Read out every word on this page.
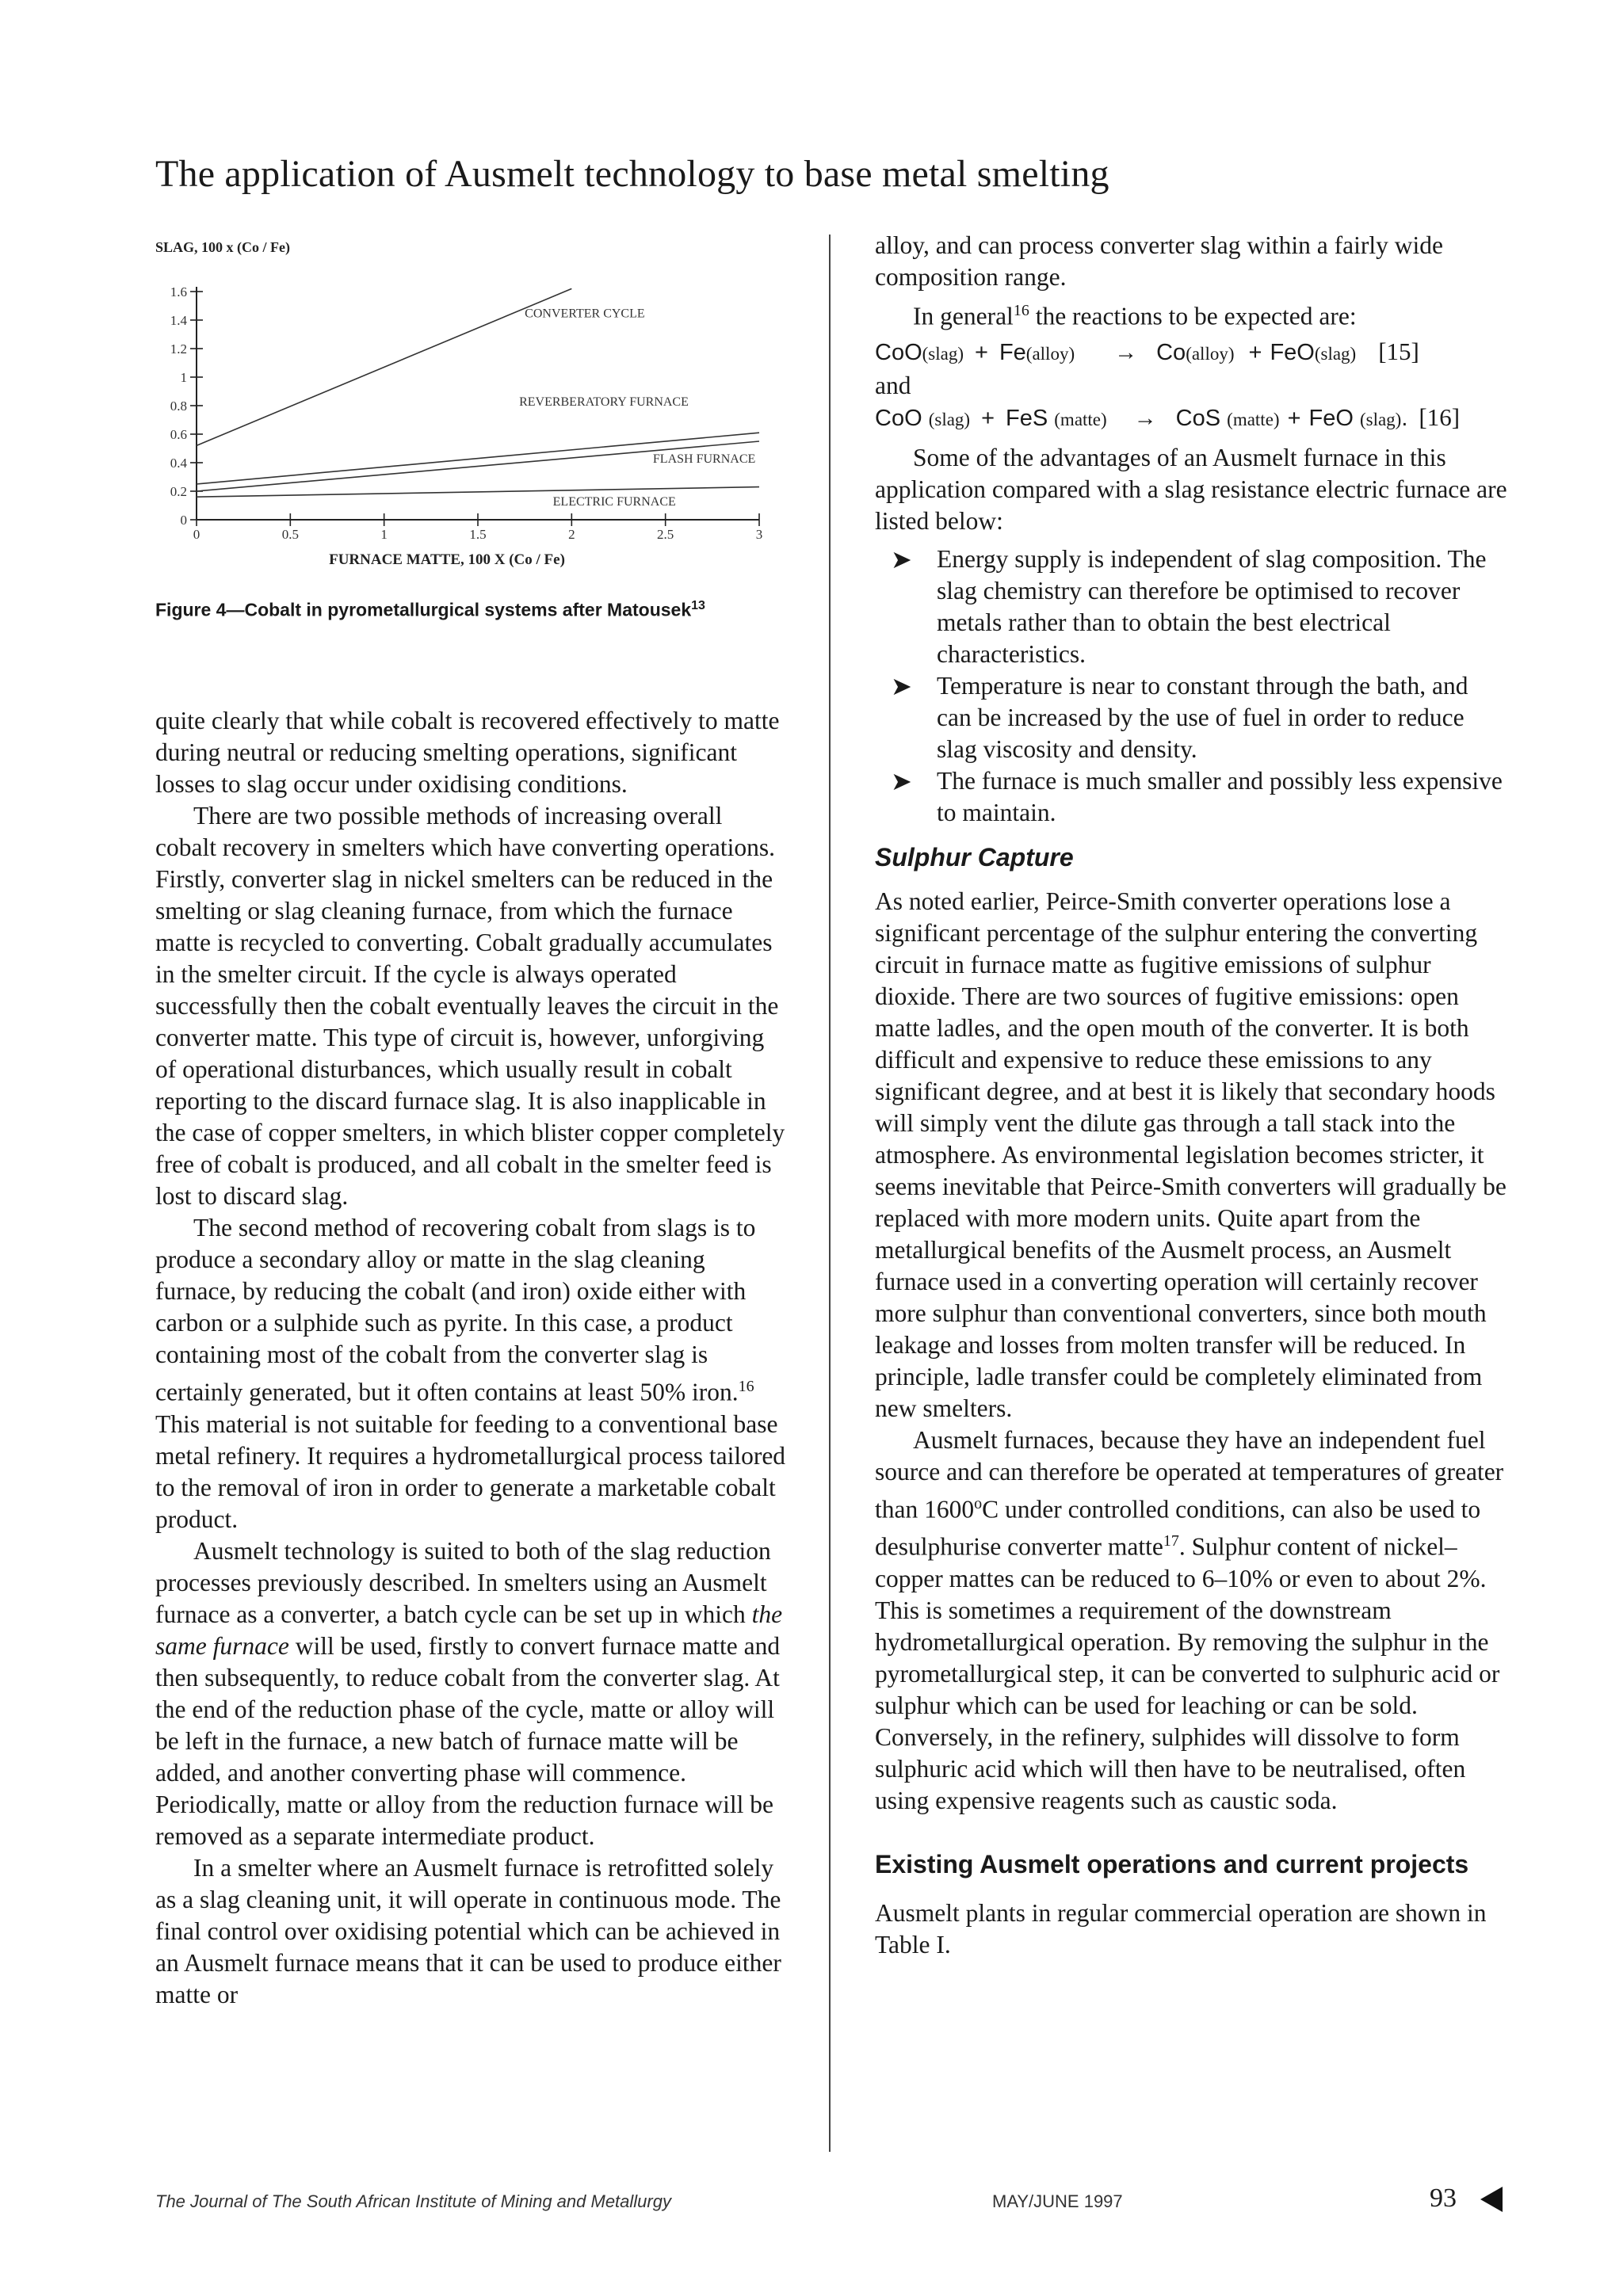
The application of Ausmelt technology to base metal smelting
SLAG, 100 x (Co / Fe)
0
0.2
0.4
0.6
0.8
1
1.2
1.4
1.6
0	0.5	1	1.5	2	2.5	3
CONVERTER CYCLE
REVERBERATORY FURNACE
FLASH FURNACE
ELECTRIC FURNACE
FURNACE MATTE, 100 X (Co / Fe)
Figure 4—Cobalt in pyrometallurgical systems after Matousek$^{13}$

quite clearly that while cobalt is recovered effectively to matte during neutral or reducing smelting operations, significant losses to slag occur under oxidising conditions.

There are two possible methods of increasing overall cobalt recovery in smelters which have converting operations. Firstly, converter slag in nickel smelters can be reduced in the smelting or slag cleaning furnace, from which the furnace matte is recycled to converting. Cobalt gradually accumulates in the smelter circuit. If the cycle is always operated successfully then the cobalt eventually leaves the circuit in the converter matte. This type of circuit is, however, unforgiving of operational disturbances, which usually result in cobalt reporting to the discard furnace slag. It is also inapplicable in the case of copper smelters, in which blister copper completely free of cobalt is produced, and all cobalt in the smelter feed is lost to discard slag.

The second method of recovering cobalt from slags is to produce a secondary alloy or matte in the slag cleaning furnace, by reducing the cobalt (and iron) oxide either with carbon or a sulphide such as pyrite. In this case, a product containing most of the cobalt from the converter slag is certainly generated, but it often contains at least 50% iron.$^{16}$ This material is not suitable for feeding to a conventional base metal refinery. It requires a hydrometallurgical process tailored to the removal of iron in order to generate a marketable cobalt product.

Ausmelt technology is suited to both of the slag reduction processes previously described. In smelters using an Ausmelt furnace as a converter, a batch cycle can be set up in which the same furnace will be used, firstly to convert furnace matte and then subsequently, to reduce cobalt from the converter slag. At the end of the reduction phase of the cycle, matte or alloy will be left in the furnace, a new batch of furnace matte will be added, and another converting phase will commence. Periodically, matte or alloy from the reduction furnace will be removed as a separate intermediate product.

In a smelter where an Ausmelt furnace is retrofitted solely as a slag cleaning unit, it will operate in continuous mode. The final control over oxidising potential which can be achieved in an Ausmelt furnace means that it can be used to produce either matte or

alloy, and can process converter slag within a fairly wide composition range.

In general$^{16}$ the reactions to be expected are:

CoO (slag) + Fe (alloy) → Co (alloy) + FeO (slag) [15]

and

CoO
(slag) + FeS
(matte) → CoS
(matte) + FeO
(slag) . [16]

Some of the advantages of an Ausmelt furnace in this application compared with a slag resistance electric furnace are listed below:

➤ Energy supply is independent of slag composition. The slag chemistry can therefore be optimised to recover metals rather than to obtain the best electrical characteristics.
➤ Temperature is near to constant through the bath, and can be increased by the use of fuel in order to reduce slag viscosity and density.
➤ The furnace is much smaller and possibly less expensive to maintain.
Sulphur Capture

As noted earlier, Peirce-Smith converter operations lose a significant percentage of the sulphur entering the converting circuit in furnace matte as fugitive emissions of sulphur dioxide. There are two sources of fugitive emissions: open matte ladles, and the open mouth of the converter. It is both difficult and expensive to reduce these emissions to any significant degree, and at best it is likely that secondary hoods will simply vent the dilute gas through a tall stack into the atmosphere. As environmental legislation becomes stricter, it seems inevitable that Peirce-Smith converters will gradually be replaced with more modern units. Quite apart from the metallurgical benefits of the Ausmelt process, an Ausmelt furnace used in a converting operation will certainly recover more sulphur than conventional converters, since both mouth leakage and losses from molten transfer will be reduced. In principle, ladle transfer could be completely eliminated from new smelters.

Ausmelt furnaces, because they have an independent fuel source and can therefore be operated at temperatures of greater than 1600$^o$C under controlled conditions, can also be used to desulphurise converter matte$^{17}$. Sulphur content of nickel–copper mattes can be reduced to 6–10% or even to about 2%. This is sometimes a requirement of the downstream hydrometallurgical operation. By removing the sulphur in the pyrometallurgical step, it can be converted to sulphuric acid or sulphur which can be used for leaching or can be sold. Conversely, in the refinery, sulphides will dissolve to form sulphuric acid which will then have to be neutralised, often using expensive reagents such as caustic soda.

Existing Ausmelt operations and current projects

Ausmelt plants in regular commercial operation are shown in Table I.

The Journal of The South African Institute of Mining and Metallurgy	MAY/JUNE 1997	93
